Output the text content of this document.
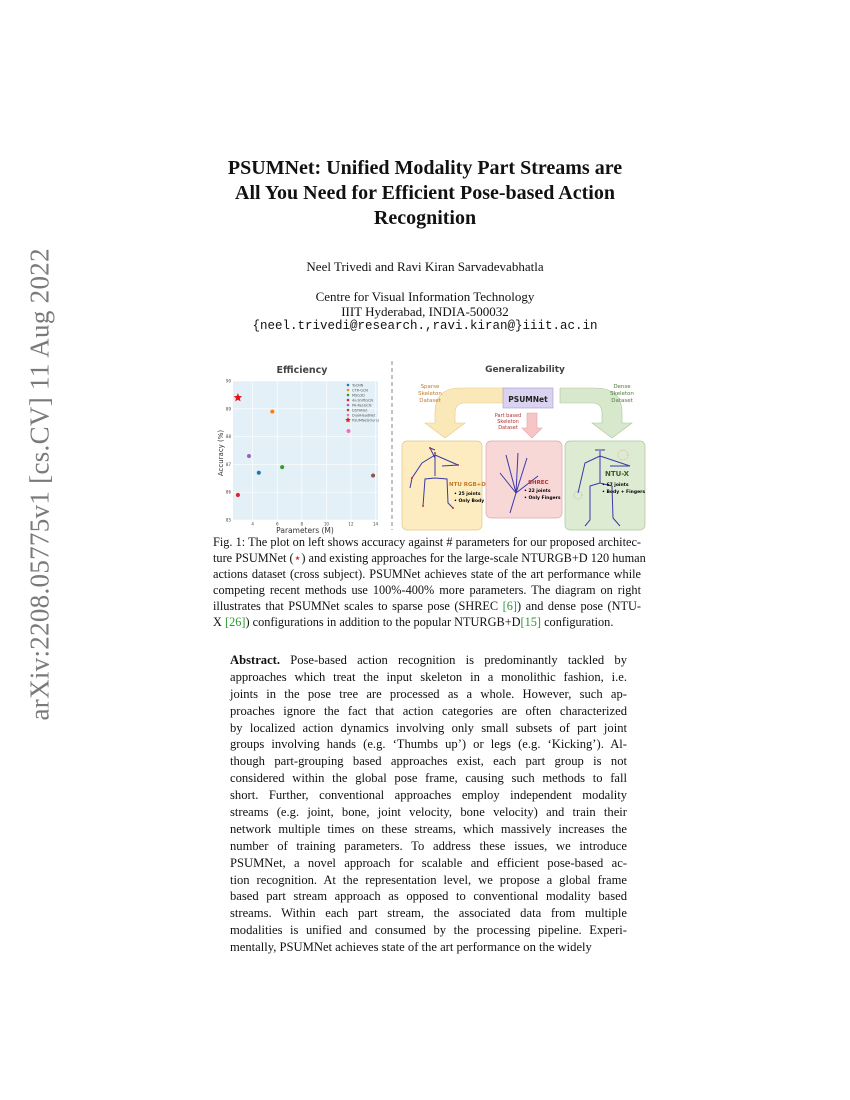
arXiv:2208.05775v1 [cs.CV] 11 Aug 2022
PSUMNet: Unified Modality Part Streams are
All You Need for Efficient Pose-based Action
Recognition
Neel Trivedi and Ravi Kiran Sarvadevabhatla
Centre for Visual Information Technology
IIIT Hyderabad, INDIA-500032
{neel.trivedi@research.,ravi.kiran@}iiit.ac.in
Efficiency
4	6	8	10	12	14
85
86
87
88
89
90
TaCNN
CTR-GCN
MSG3D
4s-ShiftGCN
PA-ResGCN
DSTANet
DualHeadNet
PSUMNet(Ours)
Parameters (M)
Accuracy (%)
Generalizability
PSUMNet
Sparse
Skeleton
Dataset
Dense
Skeleton
Dataset
Part based
Skeleton
Dataset
NTU RGB+D
• 25 joints
• Only Body
SHREC
• 22 joints
• Only Fingers
NTU-X
• 67 joints
• Body + Fingers
Fig. 1: The plot on left shows accuracy against # parameters for our proposed architec-
ture PSUMNet (⋆) and existing approaches for the large-scale NTURGB+D 120 human
actions dataset (cross subject). PSUMNet achieves state of the art performance while
competing recent methods use 100%-400% more parameters. The diagram on right
illustrates that PSUMNet scales to sparse pose (SHREC [6]) and dense pose (NTU-
X [26]) configurations in addition to the popular NTURGB+D[15] configuration.
Abstract. Pose-based action recognition is predominantly tackled by
approaches which treat the input skeleton in a monolithic fashion, i.e.
joints in the pose tree are processed as a whole. However, such ap-
proaches ignore the fact that action categories are often characterized
by localized action dynamics involving only small subsets of part joint
groups involving hands (e.g. ‘Thumbs up’) or legs (e.g. ‘Kicking’). Al-
though part-grouping based approaches exist, each part group is not
considered within the global pose frame, causing such methods to fall
short. Further, conventional approaches employ independent modality
streams (e.g. joint, bone, joint velocity, bone velocity) and train their
network multiple times on these streams, which massively increases the
number of training parameters. To address these issues, we introduce
PSUMNet, a novel approach for scalable and efficient pose-based ac-
tion recognition. At the representation level, we propose a global frame
based part stream approach as opposed to conventional modality based
streams. Within each part stream, the associated data from multiple
modalities is unified and consumed by the processing pipeline. Experi-
mentally, PSUMNet achieves state of the art performance on the widely
